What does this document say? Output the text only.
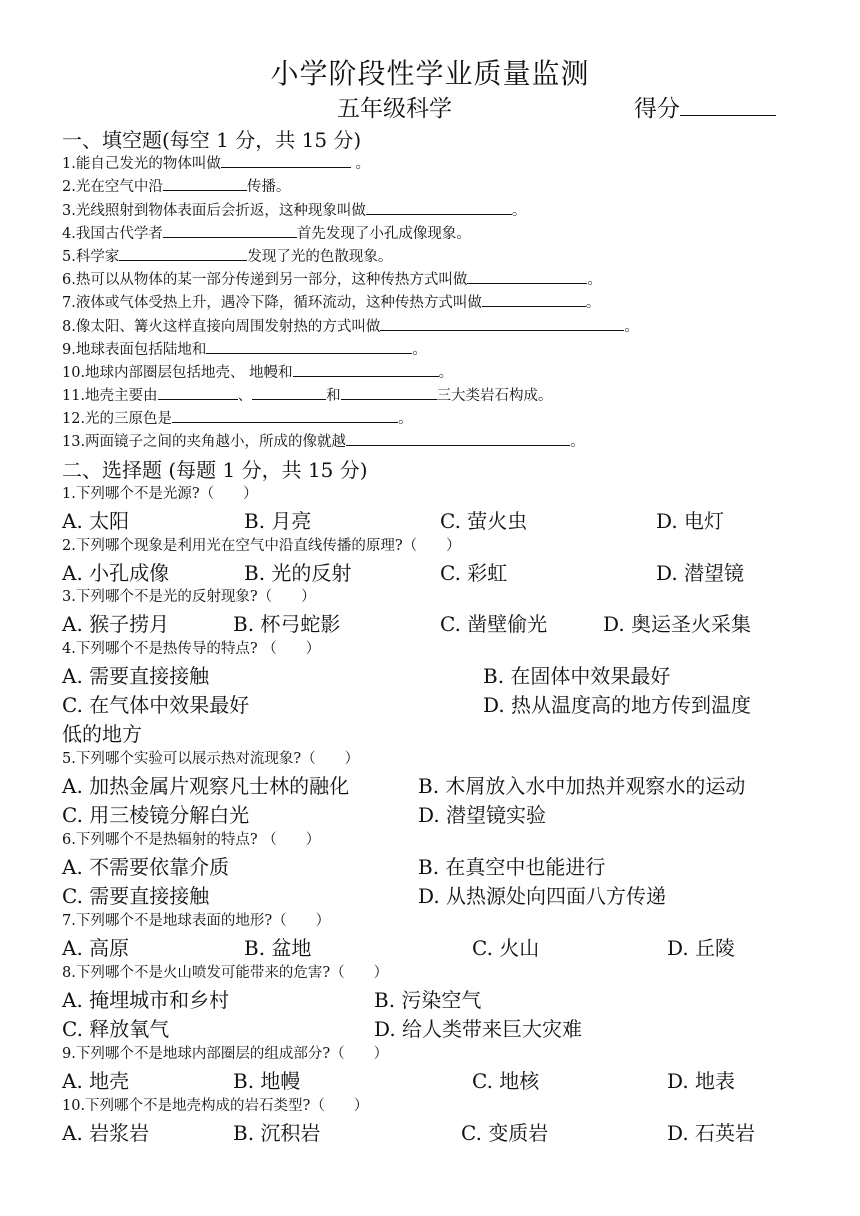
小学阶段性学业质量监测
五年级科学	得分
一、填空题(每空 1 分，共 15 分)
1.能自己发光的物体叫做	。
2.光在空气中沿	传播。
3.光线照射到物体表面后会折返，这种现象叫做	。
4.我国古代学者	首先发现了小孔成像现象。
5.科学家	发现了光的色散现象。
6.热可以从物体的某一部分传递到另一部分，这种传热方式叫做	。
7.液体或气体受热上升，遇冷下降，循环流动，这种传热方式叫做	。
8.像太阳、篝火这样直接向周围发射热的方式叫做	。
9.地球表面包括陆地和	。
10.地球内部圈层包括地壳、 地幔和	。
11.地壳主要由	、	和	三大类岩石构成。
12.光的三原色是	。
13.两面镜子之间的夹角越小，所成的像就越	。
二、选择题 (每题 1 分，共 15 分)
1.下列哪个不是光源?（　　）
A. 太阳	B. 月亮	C. 萤火虫	D. 电灯
2.下列哪个现象是利用光在空气中沿直线传播的原理?（　　）
A. 小孔成像	B. 光的反射	C. 彩虹	D. 潜望镜
3.下列哪个不是光的反射现象?（　　）
A. 猴子捞月	B. 杯弓蛇影	C. 凿壁偷光	D. 奥运圣火采集
4.下列哪个不是热传导的特点? （　　）
A. 需要直接接触	B. 在固体中效果最好
C. 在气体中效果最好	D. 热从温度高的地方传到温度
低的地方
5.下列哪个实验可以展示热对流现象?（　　）
A. 加热金属片观察凡士林的融化	B. 木屑放入水中加热并观察水的运动
C. 用三棱镜分解白光	D. 潜望镜实验
6.下列哪个不是热辐射的特点? （　　）
A. 不需要依靠介质	B. 在真空中也能进行
C. 需要直接接触	D. 从热源处向四面八方传递
7.下列哪个不是地球表面的地形?（　　）
A. 高原	B. 盆地	C. 火山	D. 丘陵
8.下列哪个不是火山喷发可能带来的危害?（　　）
A. 掩埋城市和乡村	B. 污染空气
C. 释放氧气	D. 给人类带来巨大灾难
9.下列哪个不是地球内部圈层的组成部分?（　　）
A. 地壳	B. 地幔	C. 地核	D. 地表
10.下列哪个不是地壳构成的岩石类型?（　　）
A. 岩浆岩	B. 沉积岩	C. 变质岩	D. 石英岩
